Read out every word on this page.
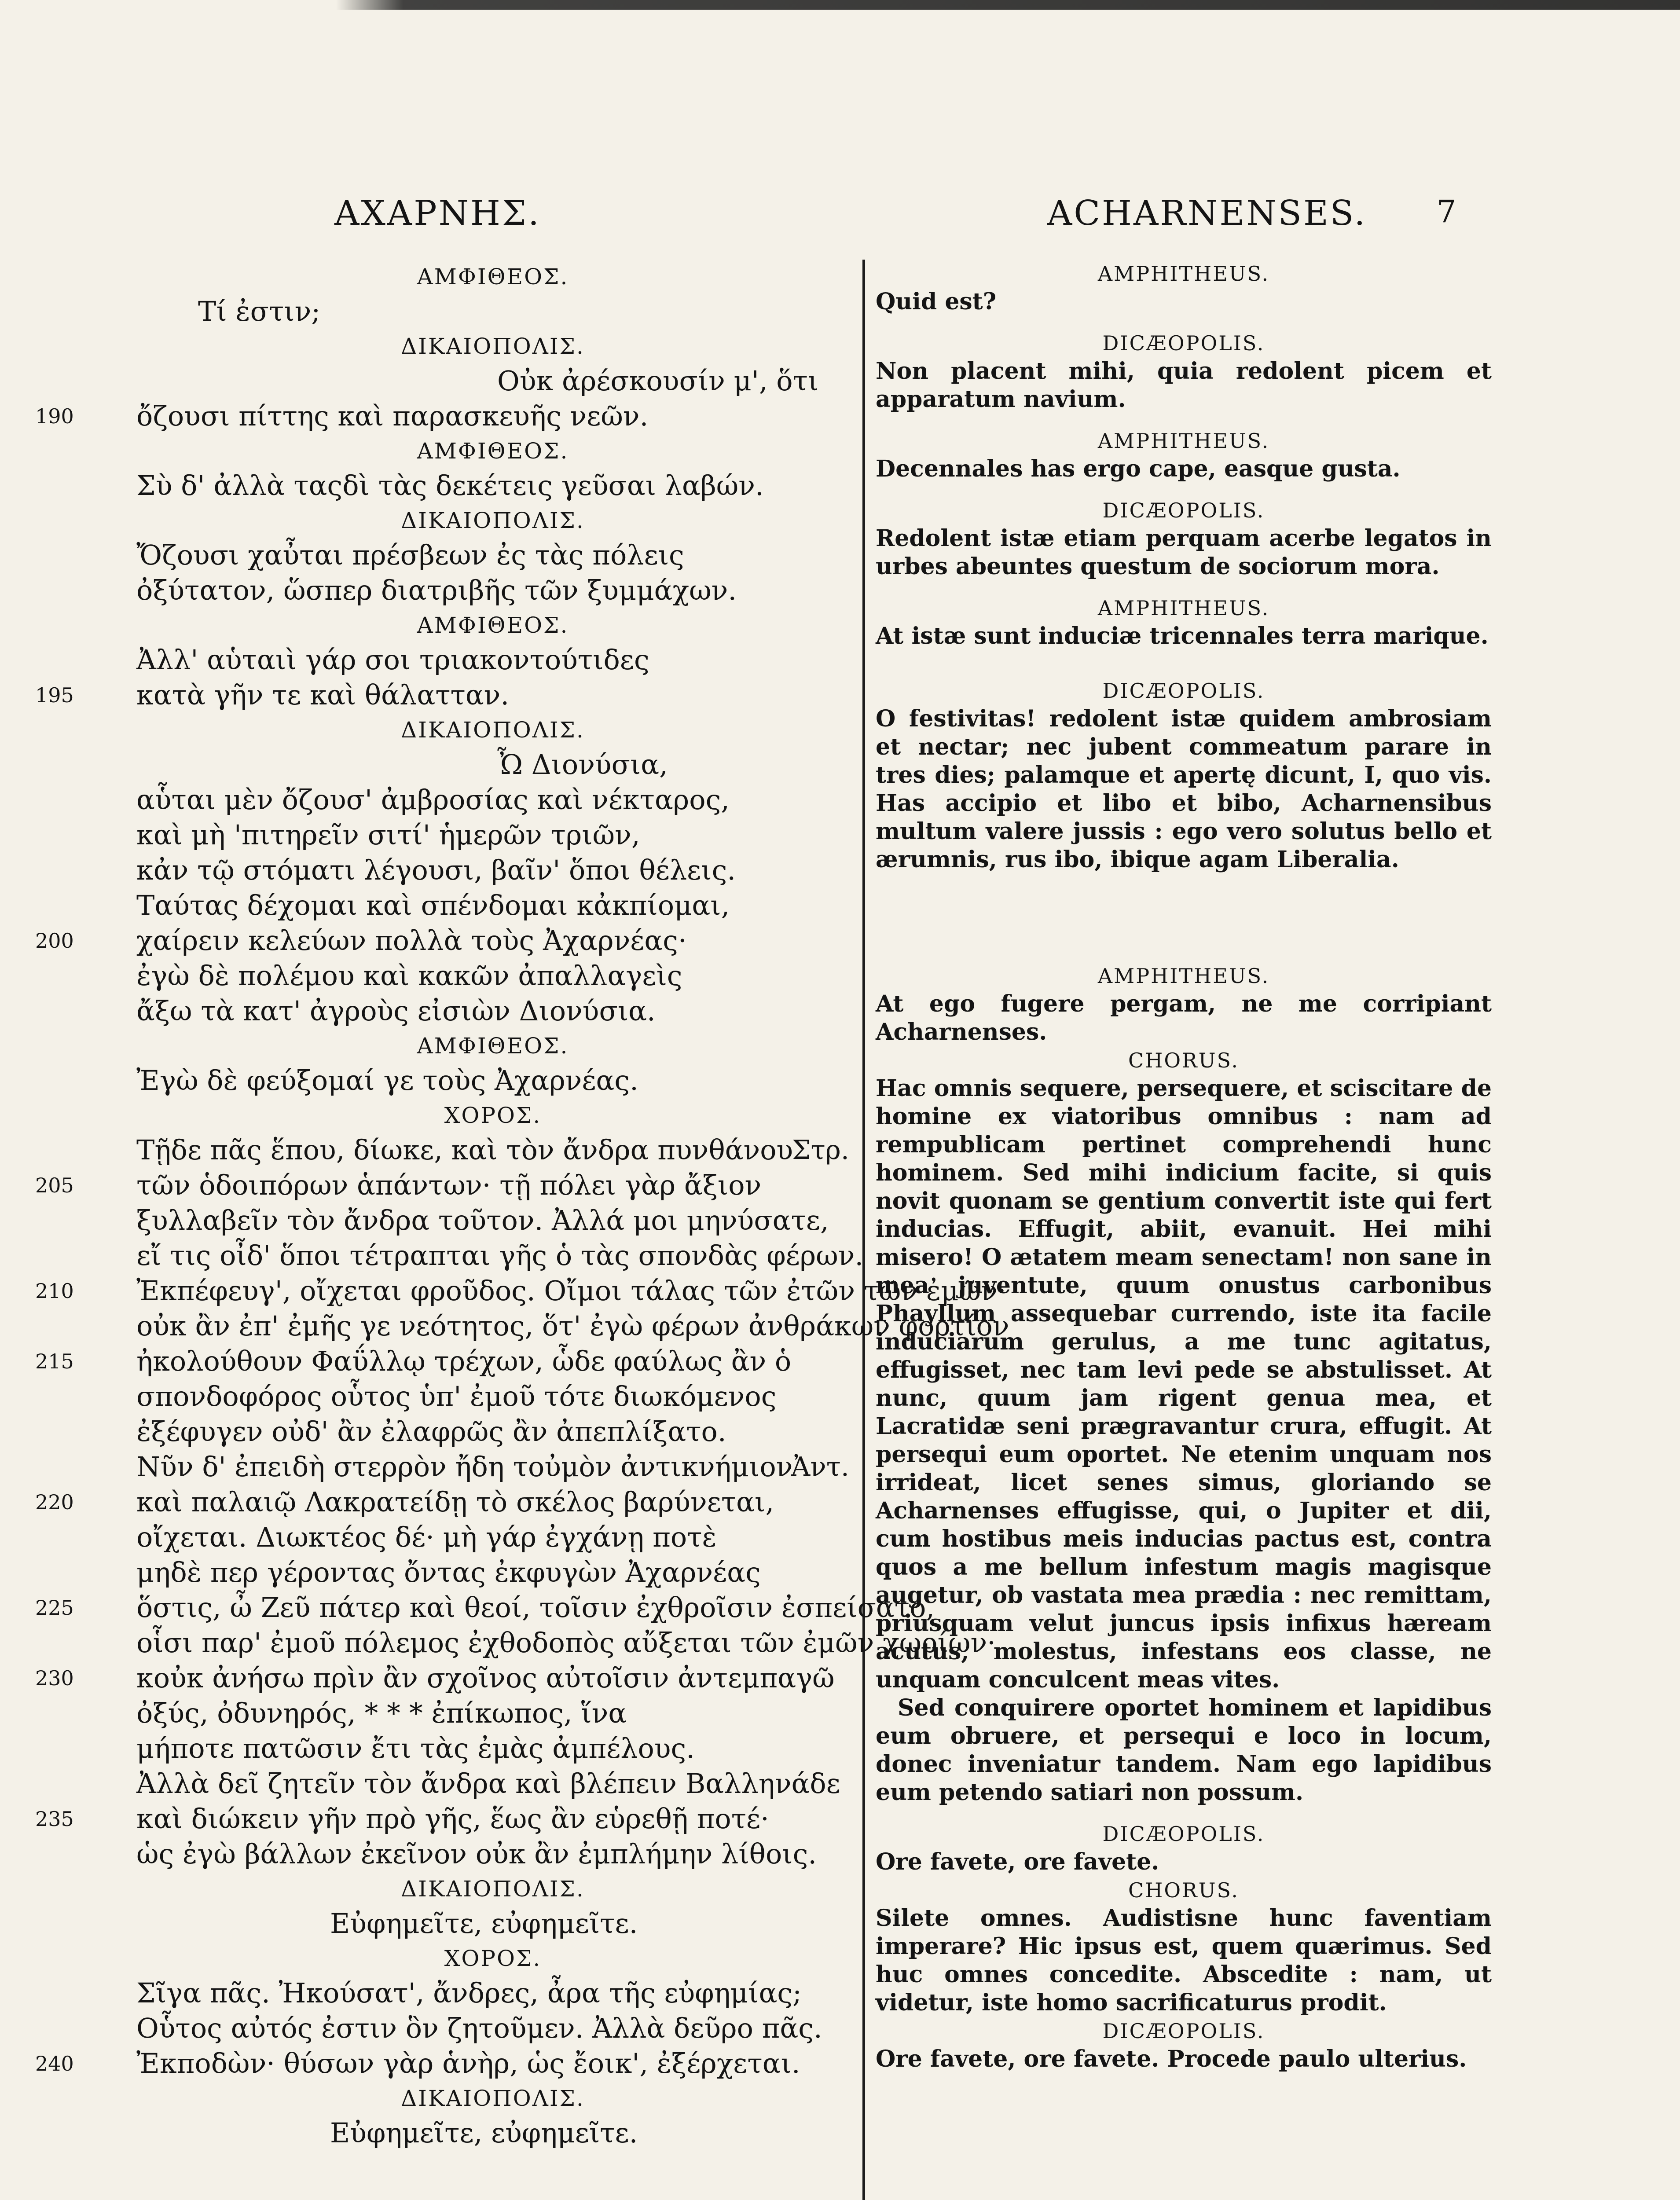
ΑΧΑΡΝΗΣ.	ACHARNENSES. 7
ΑΜΦΙΘΕΟΣ.
Τί ἐστιν;
ΔΙΚΑΙΟΠΟΛΙΣ.
Οὐκ ἀρέσκουσίν μ', ὅτι
190	ὄζουσι πίττης καὶ παρασκευῆς νεῶν.
ΑΜΦΙΘΕΟΣ.
Σὺ δ' ἀλλὰ ταςδὶ τὰς δεκέτεις γεῦσαι λαβών.
ΔΙΚΑΙΟΠΟΛΙΣ.
Ὄζουσι χαὖται πρέσβεων ἐς τὰς πόλεις
ὀξύτατον, ὥσπερ διατριβῆς τῶν ξυμμάχων.
ΑΜΦΙΘΕΟΣ.
Ἀλλ' αὑταιὶ γάρ σοι τριακοντούτιδες
195	κατὰ γῆν τε καὶ θάλατταν.
ΔΙΚΑΙΟΠΟΛΙΣ.
Ὦ Διονύσια,
αὗται μὲν ὄζουσ' ἀμβροσίας καὶ νέκταρος,
καὶ μὴ 'πιτηρεῖν σιτί' ἡμερῶν τριῶν,
κἀν τῷ στόματι λέγουσι, βαῖν' ὅποι θέλεις.
Ταύτας δέχομαι καὶ σπένδομαι κἀκπίομαι,
200	χαίρειν κελεύων πολλὰ τοὺς Ἀχαρνέας·
ἐγὼ δὲ πολέμου καὶ κακῶν ἀπαλλαγεὶς
ἄξω τὰ κατ' ἀγροὺς εἰσιὼν Διονύσια.
ΑΜΦΙΘΕΟΣ.
Ἐγὼ δὲ φεύξομαί γε τοὺς Ἀχαρνέας.
ΧΟΡΟΣ.
Τῇδε πᾶς ἕπου, δίωκε, καὶ τὸν ἄνδρα πυνθάνου
Στρ.
205	τῶν ὁδοιπόρων ἁπάντων· τῇ πόλει γὰρ ἄξιον
ξυλλαβεῖν τὸν ἄνδρα τοῦτον. Ἀλλά μοι μηνύσατε,
εἴ τις οἶδ' ὅποι τέτραπται γῆς ὁ τὰς σπονδὰς φέρων.
210	Ἐκπέφευγ', οἴχεται φροῦδος. Οἴμοι τάλας τῶν ἐτῶν τῶν ἐμῶν·
οὐκ ἂν ἐπ' ἐμῆς γε νεότητος, ὅτ' ἐγὼ φέρων ἀνθράκων φορτίον
215	ἠκολούθουν Φαΰλλῳ τρέχων, ὧδε φαύλως ἂν ὁ
σπονδοφόρος οὗτος ὑπ' ἐμοῦ τότε διωκόμενος
ἐξέφυγεν οὐδ' ἂν ἐλαφρῶς ἂν ἀπεπλίξατο.
Νῦν δ' ἐπειδὴ στερρὸν ἤδη τοὐμὸν ἀντικνήμιον
Ἀντ.
220	καὶ παλαιῷ Λακρατείδῃ τὸ σκέλος βαρύνεται,
οἴχεται. Διωκτέος δέ· μὴ γάρ ἐγχάνῃ ποτὲ
μηδὲ περ γέροντας ὄντας ἐκφυγὼν Ἀχαρνέας
225	ὅστις, ὦ Ζεῦ πάτερ καὶ θεοί, τοῖσιν ἐχθροῖσιν ἐσπείσατο,
οἷσι παρ' ἐμοῦ πόλεμος ἐχθοδοπὸς αὔξεται τῶν ἐμῶν χωρίων·
230	κοὐκ ἀνήσω πρὶν ἂν σχοῖνος αὐτοῖσιν ἀντεμπαγῶ
ὀξύς, ὀδυνηρός, * * * ἐπίκωπος, ἵνα
μήποτε πατῶσιν ἔτι τὰς ἐμὰς ἀμπέλους.
Ἀλλὰ δεῖ ζητεῖν τὸν ἄνδρα καὶ βλέπειν Βαλληνάδε
235	καὶ διώκειν γῆν πρὸ γῆς, ἕως ἂν εὑρεθῇ ποτέ·
ὡς ἐγὼ βάλλων ἐκεῖνον οὐκ ἂν ἐμπλήμην λίθοις.
ΔΙΚΑΙΟΠΟΛΙΣ.
Εὐφημεῖτε, εὐφημεῖτε.
ΧΟΡΟΣ.
Σῖγα πᾶς. Ἠκούσατ', ἄνδρες, ἆρα τῆς εὐφημίας;
Οὗτος αὐτός ἐστιν ὃν ζητοῦμεν. Ἀλλὰ δεῦρο πᾶς.
240	Ἐκποδὼν· θύσων γὰρ ἁνὴρ, ὡς ἔοικ', ἐξέρχεται.
ΔΙΚΑΙΟΠΟΛΙΣ.
Εὐφημεῖτε, εὐφημεῖτε.
AMPHITHEUS.
Quid est?
DICÆOPOLIS.
Non placent mihi, quia redolent picem et apparatum navium.
AMPHITHEUS.
Decennales has ergo cape, easque gusta.
DICÆOPOLIS.
Redolent istæ etiam perquam acerbe legatos in urbes abeuntes questum de sociorum mora.
AMPHITHEUS.
At istæ sunt induciæ tricennales terra marique.
DICÆOPOLIS.
O festivitas! redolent istæ quidem ambrosiam et nectar; nec jubent commeatum parare in tres dies; palamque et apertę dicunt, I, quo vis. Has accipio et libo et bibo, Acharnensibus multum valere jussis : ego vero solutus bello et ærumnis, rus ibo, ibique agam Liberalia.
AMPHITHEUS.
At ego fugere pergam, ne me corripiant Acharnenses.
CHORUS.
Hac omnis sequere, persequere, et sciscitare de homine ex viatoribus omnibus : nam ad rempublicam pertinet comprehendi hunc hominem. Sed mihi indicium facite, si quis novit quonam se gentium convertit iste qui fert inducias. Effugit, abiit, evanuit. Hei mihi misero! O ætatem meam senectam! non sane in mea juventute, quum onustus carbonibus Phayllum assequebar currendo, iste ita facile induciarum gerulus, a me tunc agitatus, effugisset, nec tam levi pede se abstulisset. At nunc, quum jam rigent genua mea, et Lacratidæ seni prægravantur crura, effugit. At persequi eum oportet. Ne etenim unquam nos irrideat, licet senes simus, gloriando se Acharnenses effugisse, qui, o Jupiter et dii, cum hostibus meis inducias pactus est, contra quos a me bellum infestum magis magisque augetur, ob vastata mea prædia : nec remittam, priusquam velut juncus ipsis infixus hæream acutus, molestus, infestans eos classe, ne unquam conculcent meas vites.
Sed conquirere oportet hominem et lapidibus eum obruere, et persequi e loco in locum, donec inveniatur tandem. Nam ego lapidibus eum petendo satiari non possum.
DICÆOPOLIS.
Ore favete, ore favete.
CHORUS.
Silete omnes. Audistisne hunc faventiam imperare? Hic ipsus est, quem quærimus. Sed huc omnes concedite. Abscedite : nam, ut videtur, iste homo sacrificaturus prodit.
DICÆOPOLIS.
Ore favete, ore favete. Procede paulo ulterius.
